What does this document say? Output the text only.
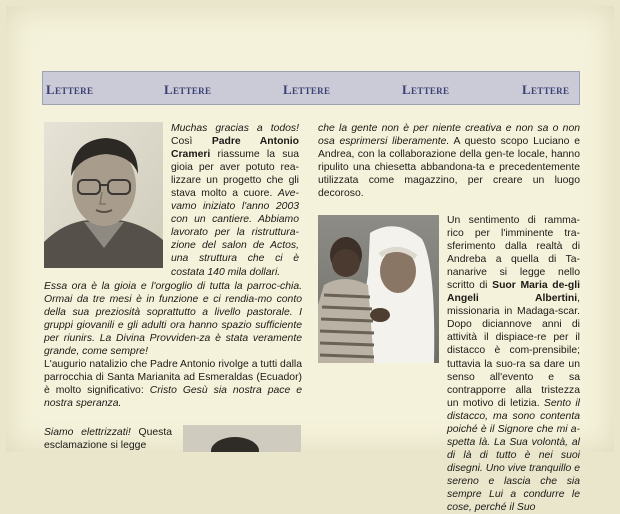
Lettere	Lettere	Lettere	Lettere	Lettere

Muchas gracias a todos! Così Padre Antonio Crameri riassume la sua gioia per aver potuto rea-lizzare un progetto che gli stava molto a cuore. Ave-vamo iniziato l'anno 2003 con un cantiere. Abbiamo lavorato per la ristruttura-zione del salon de Actos, una struttura che ci è costata 140 mila dollari.

Essa ora è la gioia e l'orgoglio di tutta la parroc-chia. Ormai da tre mesi è in funzione e ci rendia-mo conto della sua preziosità soprattutto a livello pastorale. I gruppi giovanili e gli adulti ora hanno spazio sufficiente per riunirs. La Divina Provviden-za è stata veramente grande, come sempre!
L'augurio natalizio che Padre Antonio rivolge a tutti dalla parrocchia di Santa Marianita ad Esmeraldas (Ecuador) è molto significativo: Cristo Gesù sia nostra pace e nostra speranza.

Siamo elettrizzati! Questa esclamazione si legge

che la gente non è per niente creativa e non sa o non osa esprimersi liberamente. A questo scopo Luciano e Andrea, con la collaborazione della gen-te locale, hanno ripulito una chiesetta abbandona-ta e precedentemente utilizzata come magazzino, per creare un luogo decoroso.

Un sentimento di ramma-rico per l'imminente tra-sferimento dalla realtà di Andreba a quella di Ta-nanarive si legge nello scritto di Suor Maria de-gli Angeli Albertini, missionaria in Madaga-scar. Dopo diciannove anni di attività il dispiace-re per il distacco è com-prensibile; tuttavia la suo-ra sa dare un senso all'evento e sa contrapporre alla tristezza un motivo di letizia. Sento il distacco, ma sono contenta poiché è il Signore che mi a-spetta là. La Sua volontà, al di là di tutto è nei suoi disegni. Uno vive tranquillo e sereno e lascia che sia sempre Lui a condurre le cose, perché il Suo
